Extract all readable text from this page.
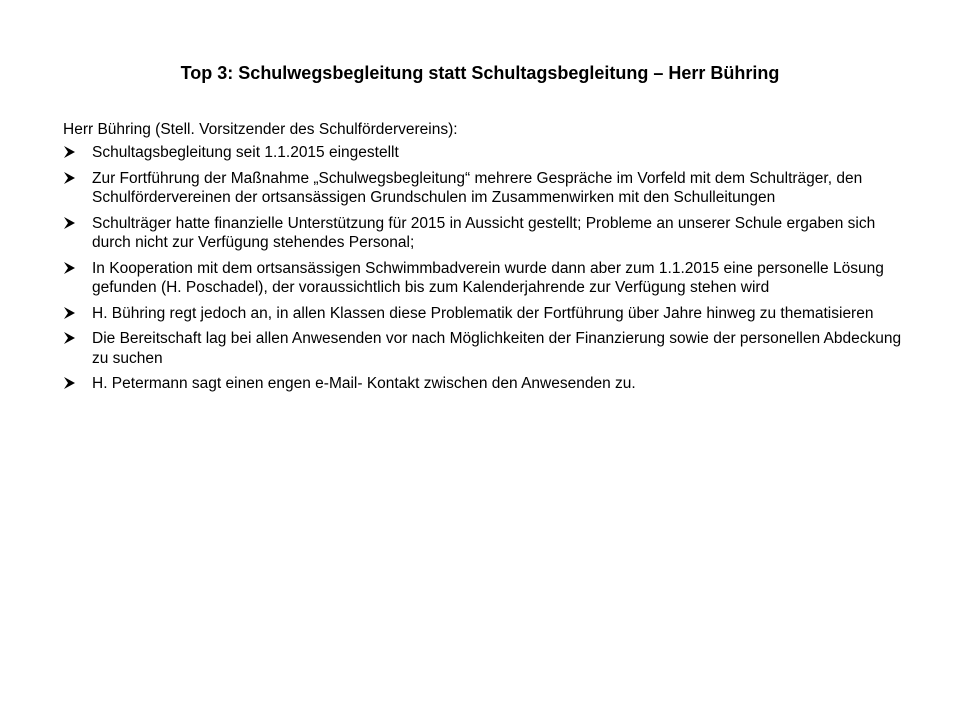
Top 3: Schulwegsbegleitung statt Schultagsbegleitung – Herr Bühring
Herr Bühring (Stell. Vorsitzender des Schulfördervereins):
Schultagsbegleitung seit 1.1.2015 eingestellt
Zur Fortführung der Maßnahme „Schulwegsbegleitung“ mehrere Gespräche im Vorfeld mit dem Schulträger, den Schulfördervereinen der ortsansässigen Grundschulen im Zusammenwirken mit den Schulleitungen
Schulträger hatte finanzielle Unterstützung für 2015 in Aussicht gestellt; Probleme an unserer Schule ergaben sich durch nicht zur Verfügung stehendes Personal;
In Kooperation mit dem ortsansässigen Schwimmbadverein wurde dann aber zum 1.1.2015 eine personelle Lösung gefunden (H. Poschadel), der voraussichtlich bis zum Kalenderjahrende zur Verfügung stehen wird
H. Bühring regt jedoch an, in allen Klassen diese Problematik der Fortführung über Jahre hinweg zu thematisieren
Die Bereitschaft lag bei allen Anwesenden vor nach Möglichkeiten der Finanzierung sowie der personellen Abdeckung zu suchen
H. Petermann sagt einen engen e-Mail- Kontakt zwischen den Anwesenden zu.
